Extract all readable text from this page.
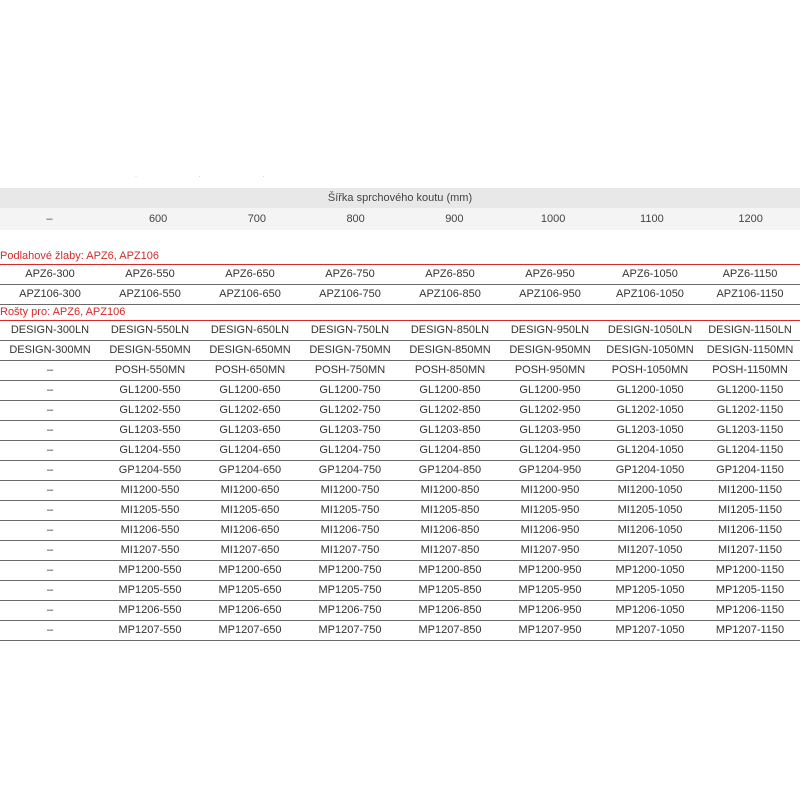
· · ·
Šířka sprchového koutu (mm)
–	600	700	800	900	1000	1100	1200
Podlahové žlaby: APZ6, APZ106
APZ6-300	APZ6-550	APZ6-650	APZ6-750	APZ6-850	APZ6-950	APZ6-1050	APZ6-1150
APZ106-300	APZ106-550	APZ106-650	APZ106-750	APZ106-850	APZ106-950	APZ106-1050	APZ106-1150
Rošty pro: APZ6, APZ106
DESIGN-300LN	DESIGN-550LN	DESIGN-650LN	DESIGN-750LN	DESIGN-850LN	DESIGN-950LN	DESIGN-1050LN	DESIGN-1150LN
DESIGN-300MN	DESIGN-550MN	DESIGN-650MN	DESIGN-750MN	DESIGN-850MN	DESIGN-950MN	DESIGN-1050MN	DESIGN-1150MN
–	POSH-550MN	POSH-650MN	POSH-750MN	POSH-850MN	POSH-950MN	POSH-1050MN	POSH-1150MN
–	GL1200-550	GL1200-650	GL1200-750	GL1200-850	GL1200-950	GL1200-1050	GL1200-1150
–	GL1202-550	GL1202-650	GL1202-750	GL1202-850	GL1202-950	GL1202-1050	GL1202-1150
–	GL1203-550	GL1203-650	GL1203-750	GL1203-850	GL1203-950	GL1203-1050	GL1203-1150
–	GL1204-550	GL1204-650	GL1204-750	GL1204-850	GL1204-950	GL1204-1050	GL1204-1150
–	GP1204-550	GP1204-650	GP1204-750	GP1204-850	GP1204-950	GP1204-1050	GP1204-1150
–	MI1200-550	MI1200-650	MI1200-750	MI1200-850	MI1200-950	MI1200-1050	MI1200-1150
–	MI1205-550	MI1205-650	MI1205-750	MI1205-850	MI1205-950	MI1205-1050	MI1205-1150
–	MI1206-550	MI1206-650	MI1206-750	MI1206-850	MI1206-950	MI1206-1050	MI1206-1150
–	MI1207-550	MI1207-650	MI1207-750	MI1207-850	MI1207-950	MI1207-1050	MI1207-1150
–	MP1200-550	MP1200-650	MP1200-750	MP1200-850	MP1200-950	MP1200-1050	MP1200-1150
–	MP1205-550	MP1205-650	MP1205-750	MP1205-850	MP1205-950	MP1205-1050	MP1205-1150
–	MP1206-550	MP1206-650	MP1206-750	MP1206-850	MP1206-950	MP1206-1050	MP1206-1150
–	MP1207-550	MP1207-650	MP1207-750	MP1207-850	MP1207-950	MP1207-1050	MP1207-1150
